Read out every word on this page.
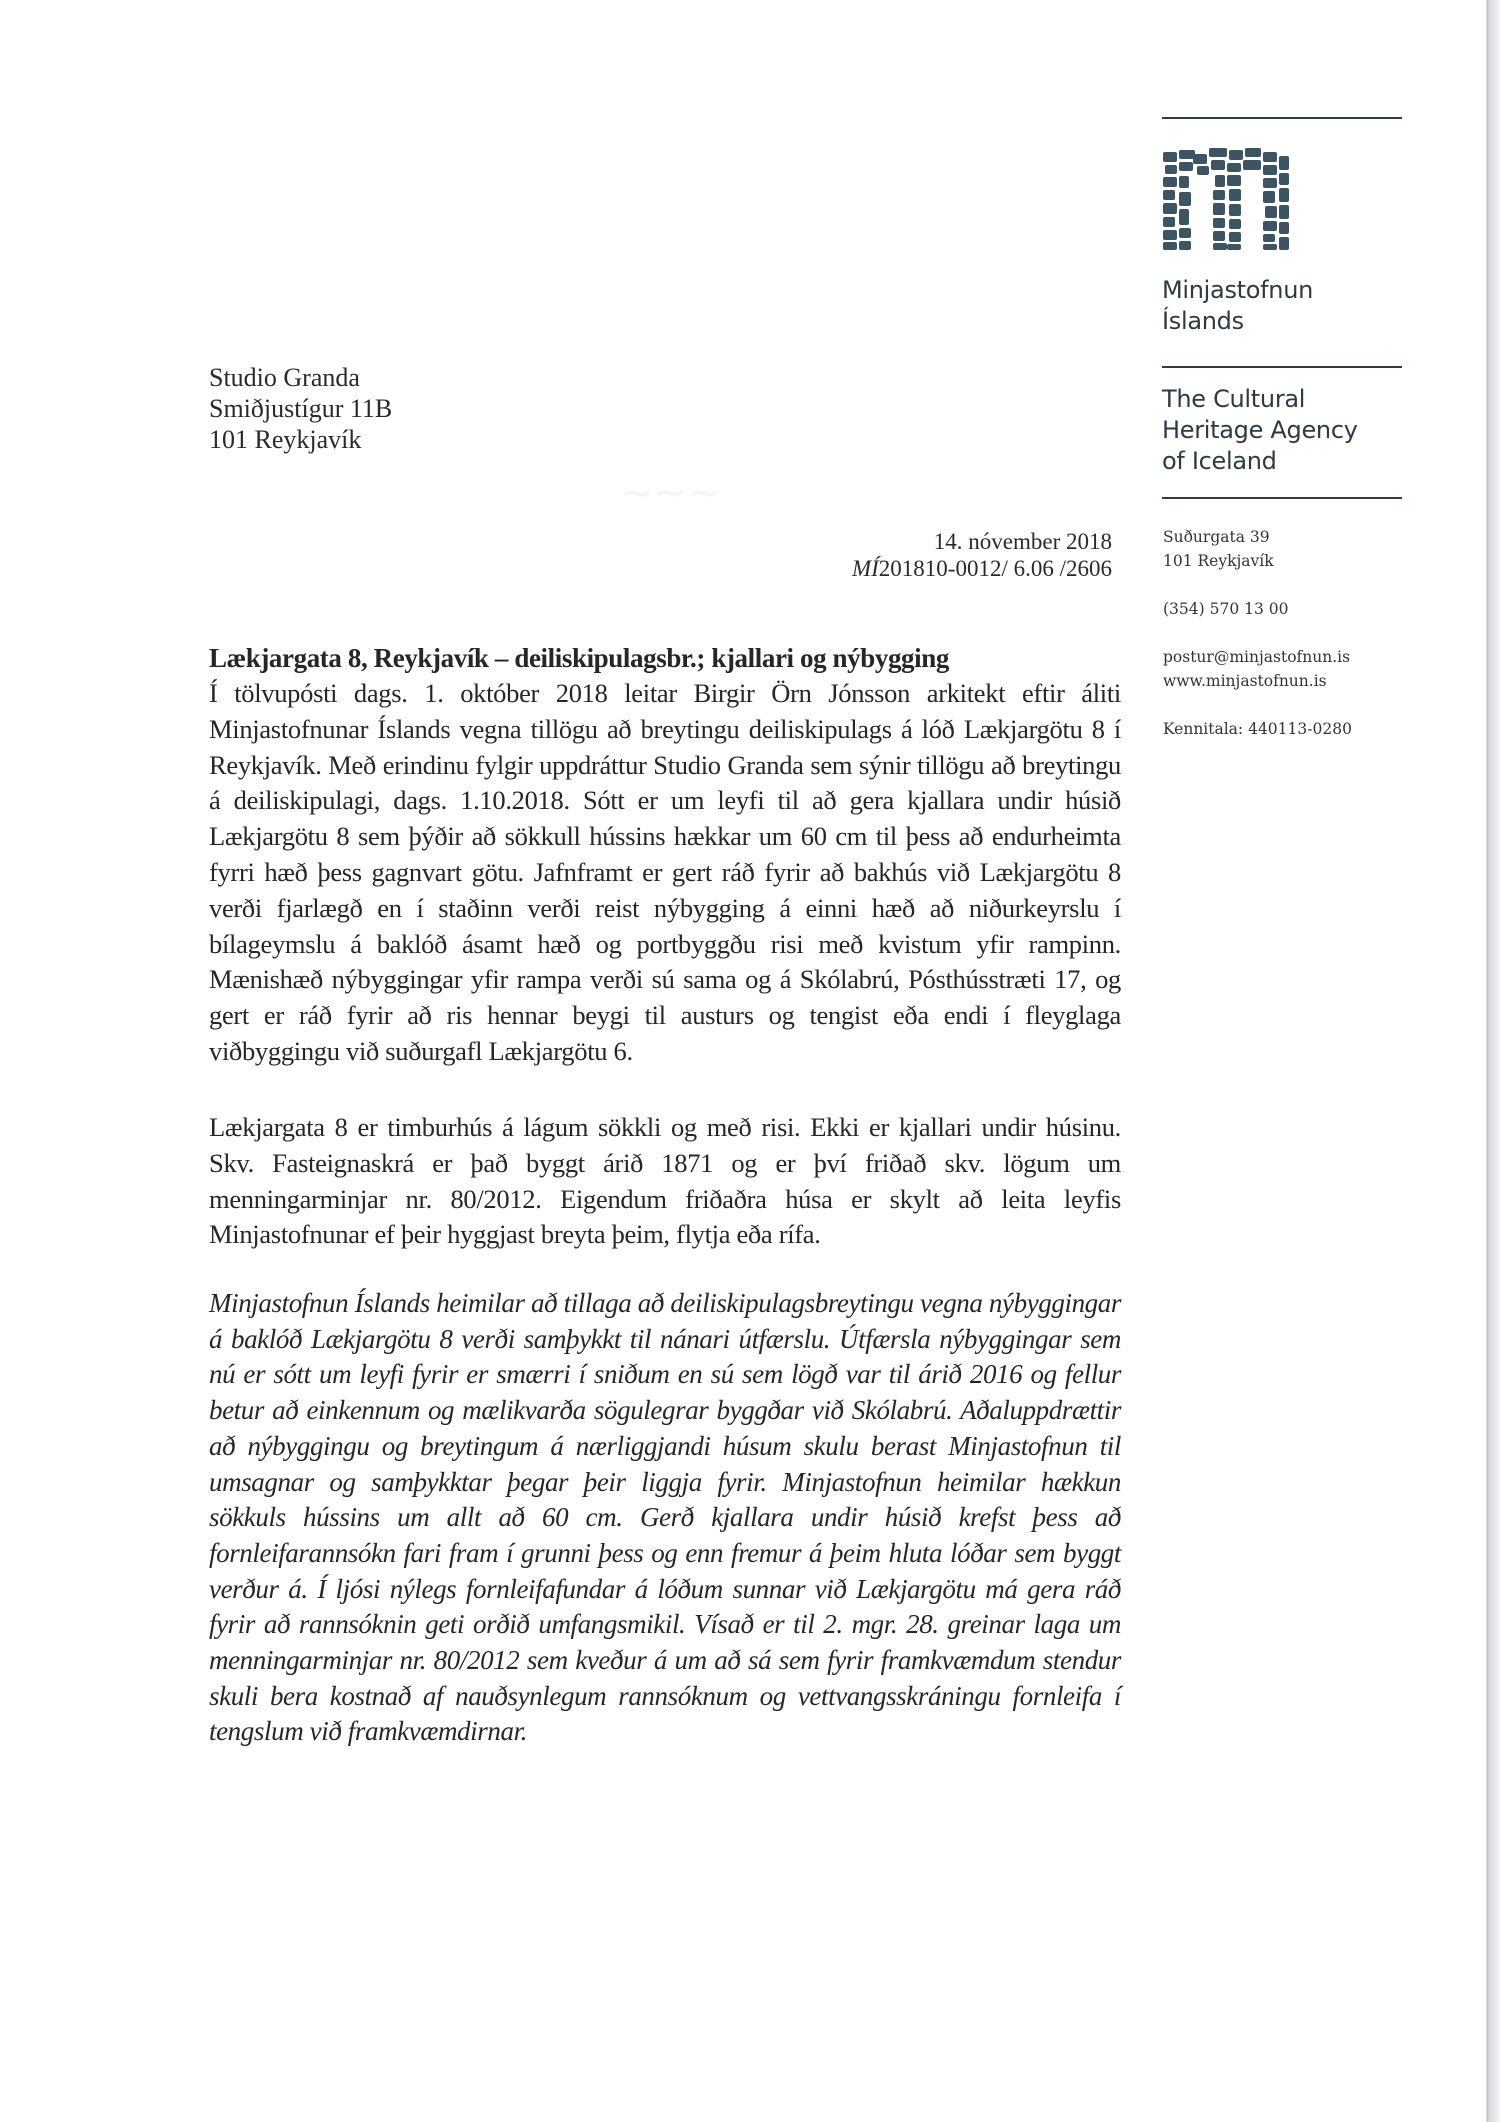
~~~
Minjastofnun
Íslands
The Cultural
Heritage Agency
of Iceland
Suðurgata 39
101 Reykjavík
(354) 570 13 00
postur@minjastofnun.is
www.minjastofnun.is
Kennitala: 440113-0280
Studio Granda
Smiðjustígur 11B
101 Reykjavík
14. nóvember 2018
MÍ201810-0012/ 6.06 /2606
Lækjargata 8, Reykjavík – deiliskipulagsbr.; kjallari og nýbygging

Í tölvupósti dags. 1. október 2018 leitar Birgir Örn Jónsson arkitekt eftir áliti Minjastofnunar Íslands vegna tillögu að breytingu deiliskipulags á lóð Lækjargötu 8 í Reykjavík. Með erindinu fylgir uppdráttur Studio Granda sem sýnir tillögu að breytingu á deiliskipulagi, dags. 1.10.2018. Sótt er um leyfi til að gera kjallara undir húsið Lækjargötu 8 sem þýðir að sökkull hússins hækkar um 60 cm til þess að endurheimta fyrri hæð þess gagnvart götu. Jafnframt er gert ráð fyrir að bakhús við Lækjargötu 8 verði fjarlægð en í staðinn verði reist nýbygging á einni hæð að niðurkeyrslu í bílageymslu á baklóð ásamt hæð og portbyggðu risi með kvistum yfir rampinn. Mænishæð nýbyggingar yfir rampa verði sú sama og á Skólabrú, Pósthússtræti 17, og gert er ráð fyrir að ris hennar beygi til austurs og tengist eða endi í fleyglaga viðbyggingu við suðurgafl Lækjargötu 6.

Lækjargata 8 er timburhús á lágum sökkli og með risi. Ekki er kjallari undir húsinu. Skv. Fasteignaskrá er það byggt árið 1871 og er því friðað skv. lögum um menningarminjar nr. 80/2012. Eigendum friðaðra húsa er skylt að leita leyfis Minjastofnunar ef þeir hyggjast breyta þeim, flytja eða rífa.

Minjastofnun Íslands heimilar að tillaga að deiliskipulagsbreytingu vegna nýbyggingar á baklóð Lækjargötu 8 verði samþykkt til nánari útfærslu. Útfærsla nýbyggingar sem nú er sótt um leyfi fyrir er smærri í sniðum en sú sem lögð var til árið 2016 og fellur betur að einkennum og mælikvarða sögulegrar byggðar við Skólabrú. Aðaluppdrættir að nýbyggingu og breytingum á nærliggjandi húsum skulu berast Minjastofnun til umsagnar og samþykktar þegar þeir liggja fyrir. Minjastofnun heimilar hækkun sökkuls hússins um allt að 60 cm. Gerð kjallara undir húsið krefst þess að fornleifarannsókn fari fram í grunni þess og enn fremur á þeim hluta lóðar sem byggt verður á. Í ljósi nýlegs fornleifafundar á lóðum sunnar við Lækjargötu má gera ráð fyrir að rannsóknin geti orðið umfangsmikil. Vísað er til 2. mgr. 28. greinar laga um menningarminjar nr. 80/2012 sem kveður á um að sá sem fyrir framkvæmdum stendur skuli bera kostnað af nauðsynlegum rannsóknum og vettvangsskráningu fornleifa í tengslum við framkvæmdirnar.
